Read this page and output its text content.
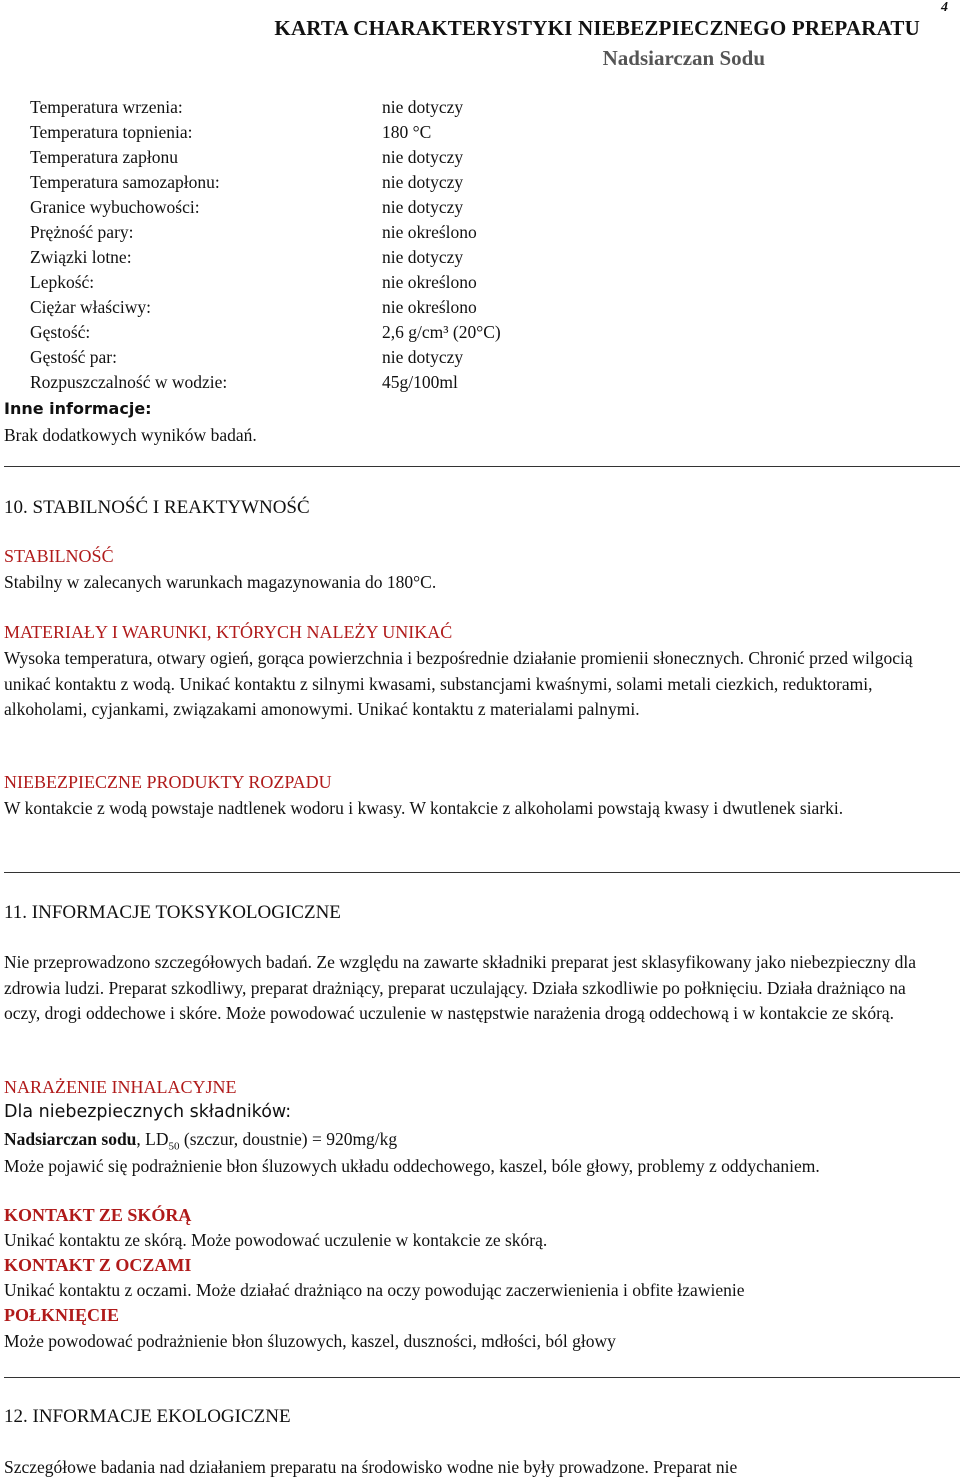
KARTA CHARAKTERYSTYKI NIEBEZPIECZNEGO PREPARATU
Nadsiarczan Sodu
4
Temperatura wrzenia:	nie dotyczy
Temperatura topnienia:	180 °C
Temperatura zapłonu	nie dotyczy
Temperatura samozapłonu:	nie dotyczy
Granice wybuchowości:	nie dotyczy
Prężność pary:	nie określono
Związki lotne:	nie dotyczy
Lepkość:	nie określono
Ciężar właściwy:	nie określono
Gęstość:	2,6 g/cm³ (20°C)
Gęstość par:	nie dotyczy
Rozpuszczalność w wodzie:	45g/100ml
Inne informacje:
Brak dodatkowych wyników badań.
10. STABILNOŚĆ I REAKTYWNOŚĆ
STABILNOŚĆ
Stabilny w zalecanych warunkach magazynowania do 180°C.
MATERIAŁY I WARUNKI, KTÓRYCH NALEŻY UNIKAĆ
Wysoka temperatura, otwary ogień, gorąca powierzchnia i bezpośrednie działanie promienii słonecznych. Chronić przed wilgocią unikać kontaktu z wodą. Unikać kontaktu z silnymi kwasami, substancjami kwaśnymi, solami metali ciezkich, reduktorami, alkoholami, cyjankami, związakami amonowymi. Unikać kontaktu z materialami palnymi.
NIEBEZPIECZNE PRODUKTY ROZPADU
W kontakcie z wodą powstaje nadtlenek wodoru i kwasy. W kontakcie z alkoholami powstają kwasy i dwutlenek siarki.
11. INFORMACJE TOKSYKOLOGICZNE
Nie przeprowadzono szczegółowych badań. Ze względu na zawarte składniki preparat jest sklasyfikowany jako niebezpieczny dla zdrowia ludzi. Preparat szkodliwy, preparat drażniący, preparat uczulający. Działa szkodliwie po połknięciu. Działa drażniąco na oczy, drogi oddechowe i skóre. Może powodować uczulenie w następstwie narażenia drogą oddechową i w kontakcie ze skórą.
NARAŻENIE INHALACYJNE
Dla niebezpiecznych składników:
Nadsiarczan sodu, $LD_{50}$ (szczur, doustnie) = 920mg/kg
Może pojawić się podrażnienie błon śluzowych układu oddechowego, kaszel, bóle głowy, problemy z oddychaniem.
KONTAKT ZE SKÓRĄ
Unikać kontaktu ze skórą. Może powodować uczulenie w kontakcie ze skórą.
KONTAKT Z OCZAMI
Unikać kontaktu z oczami. Może działać drażniąco na oczy powodując zaczerwienienia i obfite łzawienie
POŁKNIĘCIE
Może powodować podrażnienie błon śluzowych, kaszel, duszności, mdłości, ból głowy
12. INFORMACJE EKOLOGICZNE
Szczegółowe badania nad działaniem preparatu na środowisko wodne nie były prowadzone. Preparat nie
